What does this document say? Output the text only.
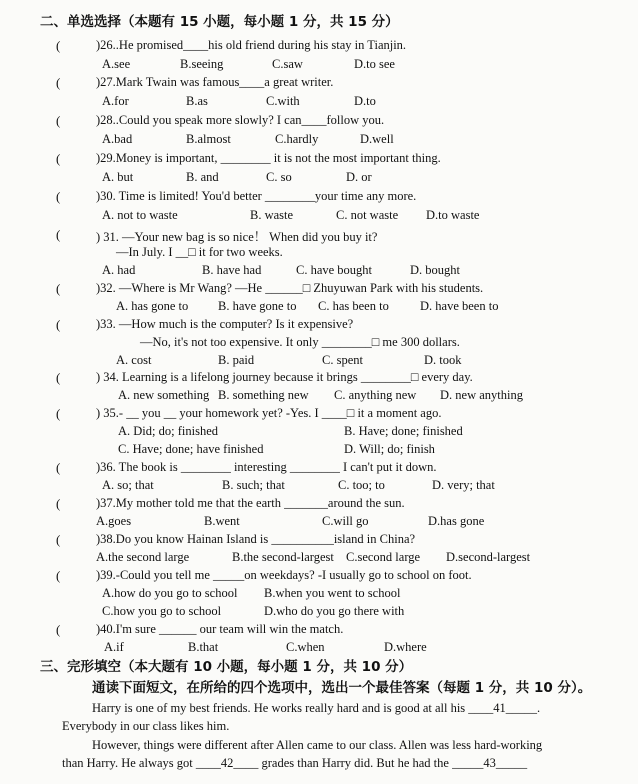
二、单选选择（本题有 15 小题，每小题 1 分，共 15 分）
(	)26..He promised____his old friend during his stay in Tianjin.
A.see	B.seeing	C.saw	D.to see
(	)27.Mark Twain was famous____a great writer.
A.for	B.as	C.with	D.to
(	)28..Could you speak more slowly? I can____follow you.
A.bad	B.almost	C.hardly	D.well
(	)29.Money is important, ________ it is not the most important thing.
A. but	B. and	C. so	D. or
(	)30. Time is limited! You'd better ________your time any more.
A. not to waste	B. waste	C. not waste D.to waste
(	) 31. —Your new bag is so nice！ When did you buy it?
—In July. I __□ it for two weeks.
A. had	B. have had	C. have bought	D. bought
(	)32. —Where is Mr Wang? —He ______□ Zhuyuwan Park with his students.
A. has gone to B. have gone to C. has been to D. have been to
(	)33. —How much is the computer? Is it expensive?
—No, it's not too expensive. It only ________□ me 300 dollars.
A. cost	B. paid	C. spent	D. took
(	) 34. Learning is a lifelong journey because it brings ________□ every day.
A. new something B. something new C. anything new D. new anything
(	) 35.- __ you __ your homework yet? -Yes. I ____□ it a moment ago.
A. Did; do; finished	B. Have; done; finished
C. Have; done; have finished	D. Will; do; finish
(	)36. The book is ________ interesting ________ I can't put it down.
A. so; that	B. such; that	C. too; to	D. very; that
(	)37.My mother told me that the earth _______around the sun.
A.goes	B.went	C.will go	D.has gone
(	)38.Do you know Hainan Island is __________island in China?
A.the second large	B.the second-largest C.second large D.second-largest
(	)39.-Could you tell me _____on weekdays? -I usually go to school on foot.
A.how do you go to school B.when you went to school
C.how you go to school	D.who do you go there with
(	)40.I'm sure ______ our team will win the match.
A.if	B.that	C.when	D.where
三、完形填空（本大题有 10 小题，每小题 1 分，共 10 分）
通读下面短文，在所给的四个选项中，选出一个最佳答案（每题 1 分，共 10 分）。
Harry is one of my best friends. He works really hard and is good at all his ____41_____.
Everybody in our class likes him.
However, things were different after Allen came to our class. Allen was less hard-working
than Harry. He always got ____42____ grades than Harry did. But he had the _____43_____
